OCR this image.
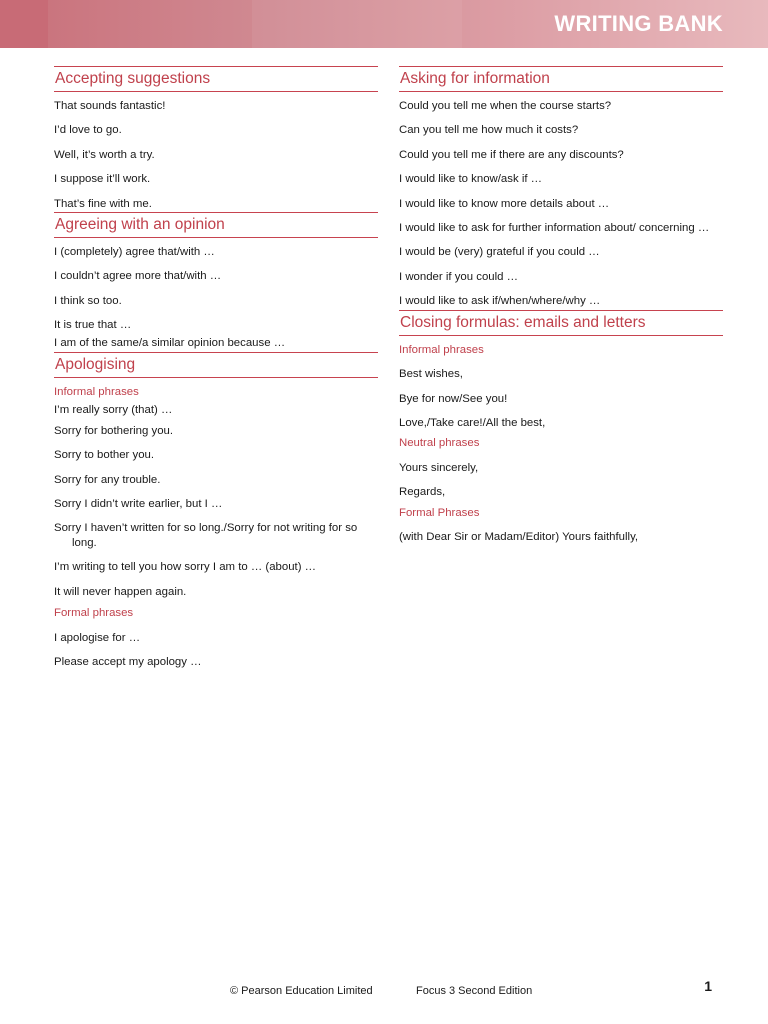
WRITING BANK
Accepting suggestions
That sounds fantastic!
I’d love to go.
Well, it’s worth a try.
I suppose it’ll work.
That’s fine with me.
Agreeing with an opinion
I (completely) agree that/with …
I couldn’t agree more that/with …
I think so too.
It is true that …
I am of the same/a similar opinion because …
Apologising
Informal phrases
I’m really sorry (that) …
Sorry for bothering you.
Sorry to bother you.
Sorry for any trouble.
Sorry I didn’t write earlier, but I …
Sorry I haven’t written for so long./Sorry for not writing for so long.
I’m writing to tell you how sorry I am to … (about) …
It will never happen again.
Formal phrases
I apologise for …
Please accept my apology …
Asking for information
Could you tell me when the course starts?
Can you tell me how much it costs?
Could you tell me if there are any discounts?
I would like to know/ask if …
I would like to know more details about …
I would like to ask for further information about/ concerning …
I would be (very) grateful if you could …
I wonder if you could …
I would like to ask if/when/where/why …
Closing formulas: emails and letters
Informal phrases
Best wishes,
Bye for now/See you!
Love,/Take care!/All the best,
Neutral phrases
Yours sincerely,
Regards,
Formal Phrases
(with Dear Sir or Madam/Editor) Yours faithfully,
© Pearson Education Limited	Focus 3 Second Edition	1
